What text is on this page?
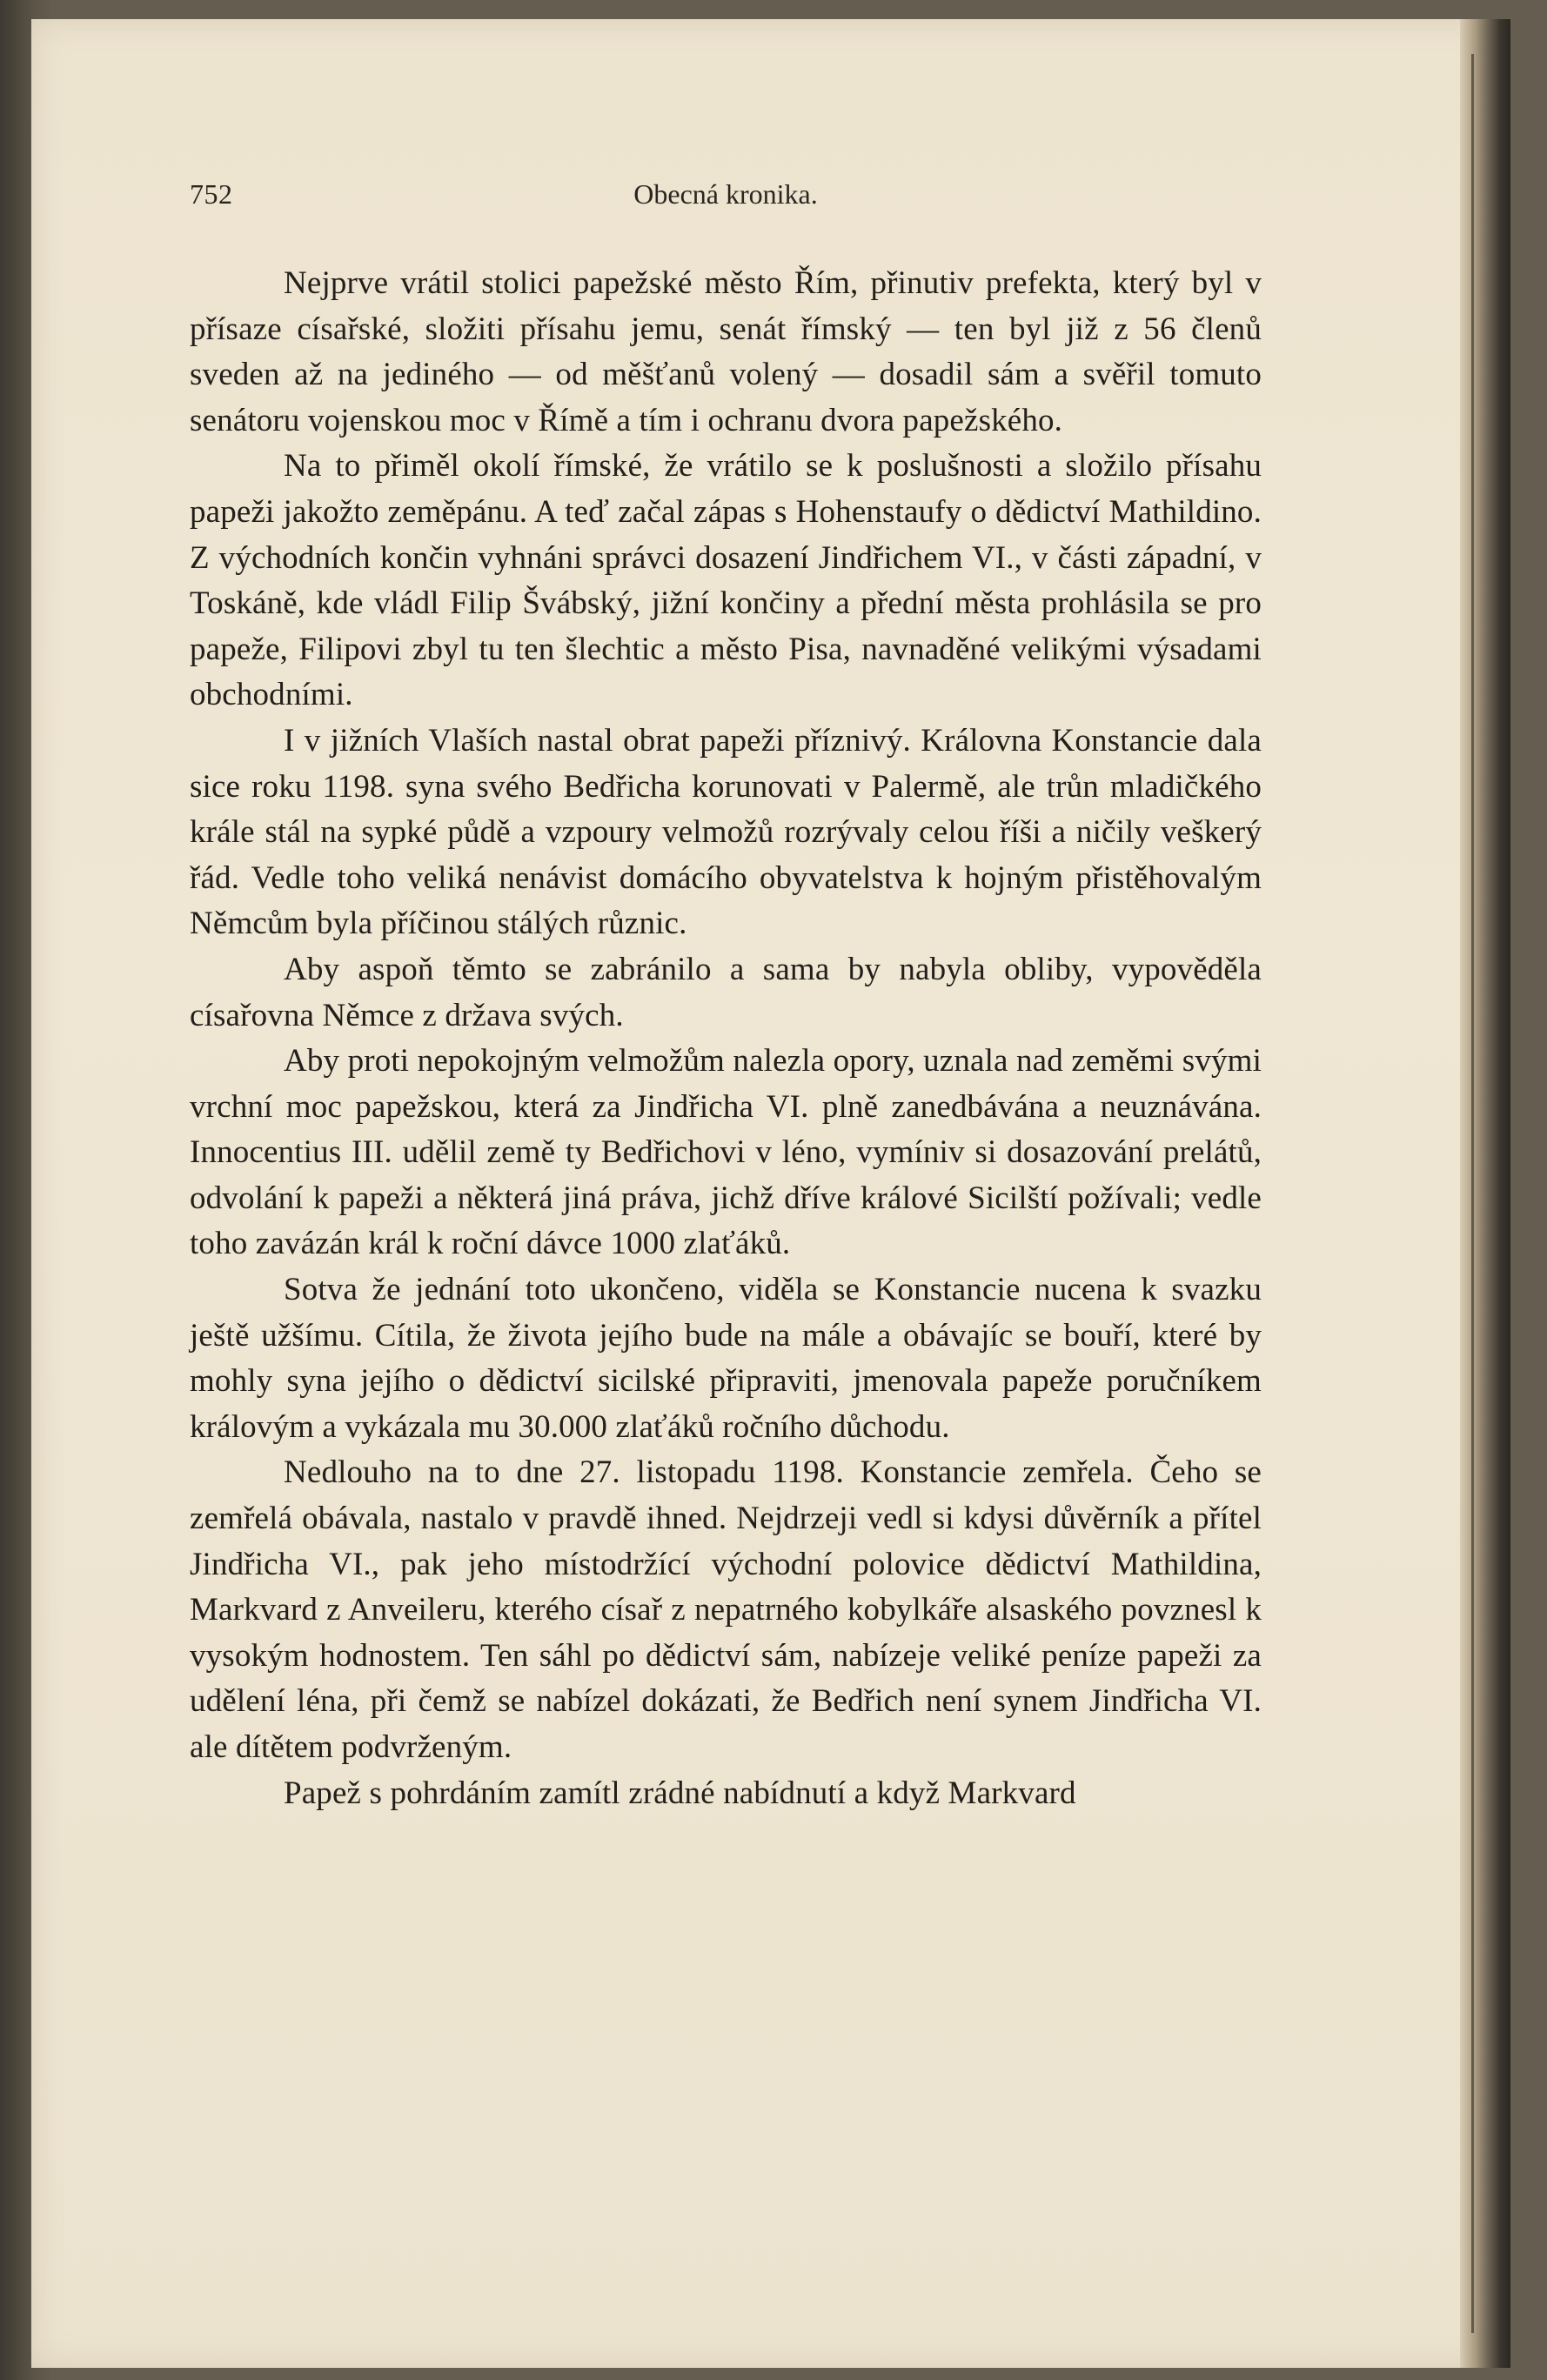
752	Obecná kronika.

Nejprve vrátil stolici papežské město Řím, přinutiv prefekta, který byl v přísaze císařské, složiti přísahu jemu, senát římský — ten byl již z 56 členů sveden až na jediného — od měšťanů volený — dosadil sám a svěřil tomuto senátoru vojenskou moc v Římě a tím i ochranu dvora papežského.

Na to přiměl okolí římské, že vrátilo se k poslušnosti a složilo přísahu papeži jakožto zeměpánu. A teď začal zápas s Hohenstaufy o dědictví Mathildino. Z východních končin vyhnáni správci dosazení Jindřichem VI., v části západní, v Toskáně, kde vládl Filip Švábský, jižní končiny a přední města prohlásila se pro papeže, Filipovi zbyl tu ten šlechtic a město Pisa, navnaděné velikými výsadami obchodními.

I v jižních Vlaších nastal obrat papeži příznivý. Královna Konstancie dala sice roku 1198. syna svého Bedřicha korunovati v Palermě, ale trůn mladičkého krále stál na sypké půdě a vzpoury velmožů rozrývaly celou říši a ničily veškerý řád. Vedle toho veliká nenávist domácího obyvatelstva k hojným přistěhovalým Němcům byla příčinou stálých různic.

Aby aspoň těmto se zabránilo a sama by nabyla obliby, vypověděla císařovna Němce z država svých.

Aby proti nepokojným velmožům nalezla opory, uznala nad zeměmi svými vrchní moc papežskou, která za Jindřicha VI. plně zanedbávána a neuznávána. Innocentius III. udělil země ty Bedřichovi v léno, vymíniv si dosazování prelátů, odvolání k papeži a některá jiná práva, jichž dříve králové Sicilští požívali; vedle toho zavázán král k roční dávce 1000 zlaťáků.

Sotva že jednání toto ukončeno, viděla se Konstancie nucena k svazku ještě užšímu. Cítila, že života jejího bude na mále a obávajíc se bouří, které by mohly syna jejího o dědictví sicilské připraviti, jmenovala papeže poručníkem královým a vykázala mu 30.000 zlaťáků ročního důchodu.

Nedlouho na to dne 27. listopadu 1198. Konstancie zemřela. Čeho se zemřelá obávala, nastalo v pravdě ihned. Nejdrzeji vedl si kdysi důvěrník a přítel Jindřicha VI., pak jeho místodržící východní polovice dědictví Mathildina, Markvard z Anveileru, kterého císař z nepatrného kobylkáře alsaského povznesl k vysokým hodnostem. Ten sáhl po dědictví sám, nabízeje veliké peníze papeži za udělení léna, při čemž se nabízel dokázati, že Bedřich není synem Jindřicha VI. ale dítětem podvrženým.

Papež s pohrdáním zamítl zrádné nabídnutí a když Markvard
